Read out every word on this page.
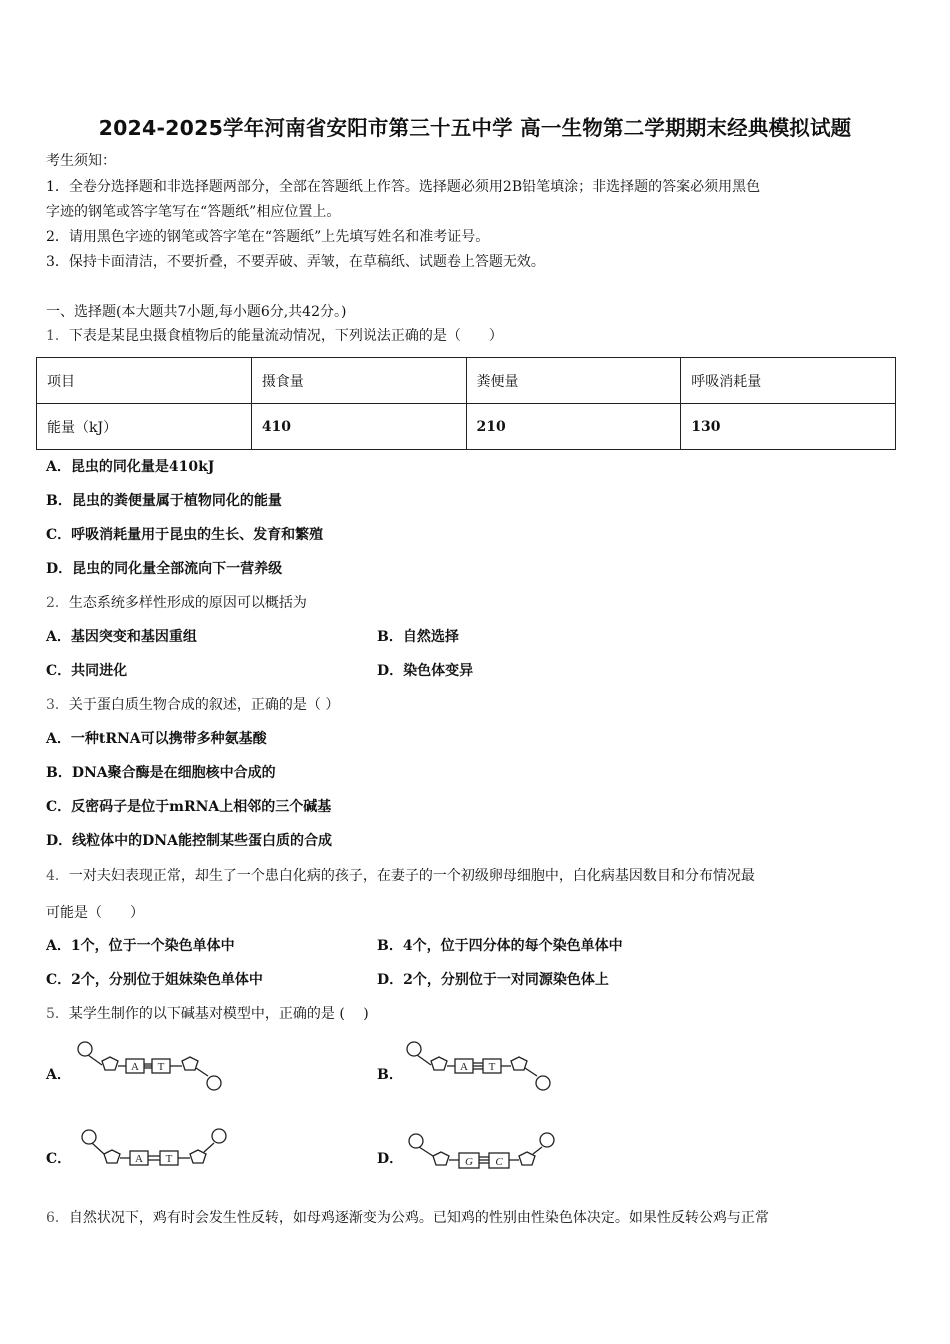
2024-2025学年河南省安阳市第三十五中学 高一生物第二学期期末经典模拟试题
考生须知：
1．全卷分选择题和非选择题两部分，全部在答题纸上作答。选择题必须用2B铅笔填涂；非选择题的答案必须用黑色
字迹的钢笔或答字笔写在“答题纸”相应位置上。
2．请用黑色字迹的钢笔或答字笔在“答题纸”上先填写姓名和准考证号。
3．保持卡面清洁，不要折叠，不要弄破、弄皱，在草稿纸、试题卷上答题无效。
一、选择题(本大题共7小题,每小题6分,共42分。)
1．下表是某昆虫摄食植物后的能量流动情况，下列说法正确的是（　　）
项目	摄食量	粪便量	呼吸消耗量
能量（kJ）	410	210	130
A．昆虫的同化量是410kJ
B．昆虫的粪便量属于植物同化的能量
C．呼吸消耗量用于昆虫的生长、发育和繁殖
D．昆虫的同化量全部流向下一营养级
2．生态系统多样性形成的原因可以概括为
A．基因突变和基因重组	B．自然选择
C．共同进化	D．染色体变异
3．关于蛋白质生物合成的叙述，正确的是（ ）
A．一种tRNA可以携带多种氨基酸
B．DNA聚合酶是在细胞核中合成的
C．反密码子是位于mRNA上相邻的三个碱基
D．线粒体中的DNA能控制某些蛋白质的合成
4．一对夫妇表现正常，却生了一个患白化病的孩子，在妻子的一个初级卵母细胞中，白化病基因数目和分布情况最
可能是（　　）
A．1个，位于一个染色单体中	B．4个，位于四分体的每个染色单体中
C．2个，分别位于姐妹染色单体中	D．2个，分别位于一对同源染色体上
5．某学生制作的以下碱基对模型中，正确的是 (　 )
A．	A T	B．	A T
C．	A T	D．	G C
6．自然状况下，鸡有时会发生性反转，如母鸡逐渐变为公鸡。已知鸡的性别由性染色体决定。如果性反转公鸡与正常
